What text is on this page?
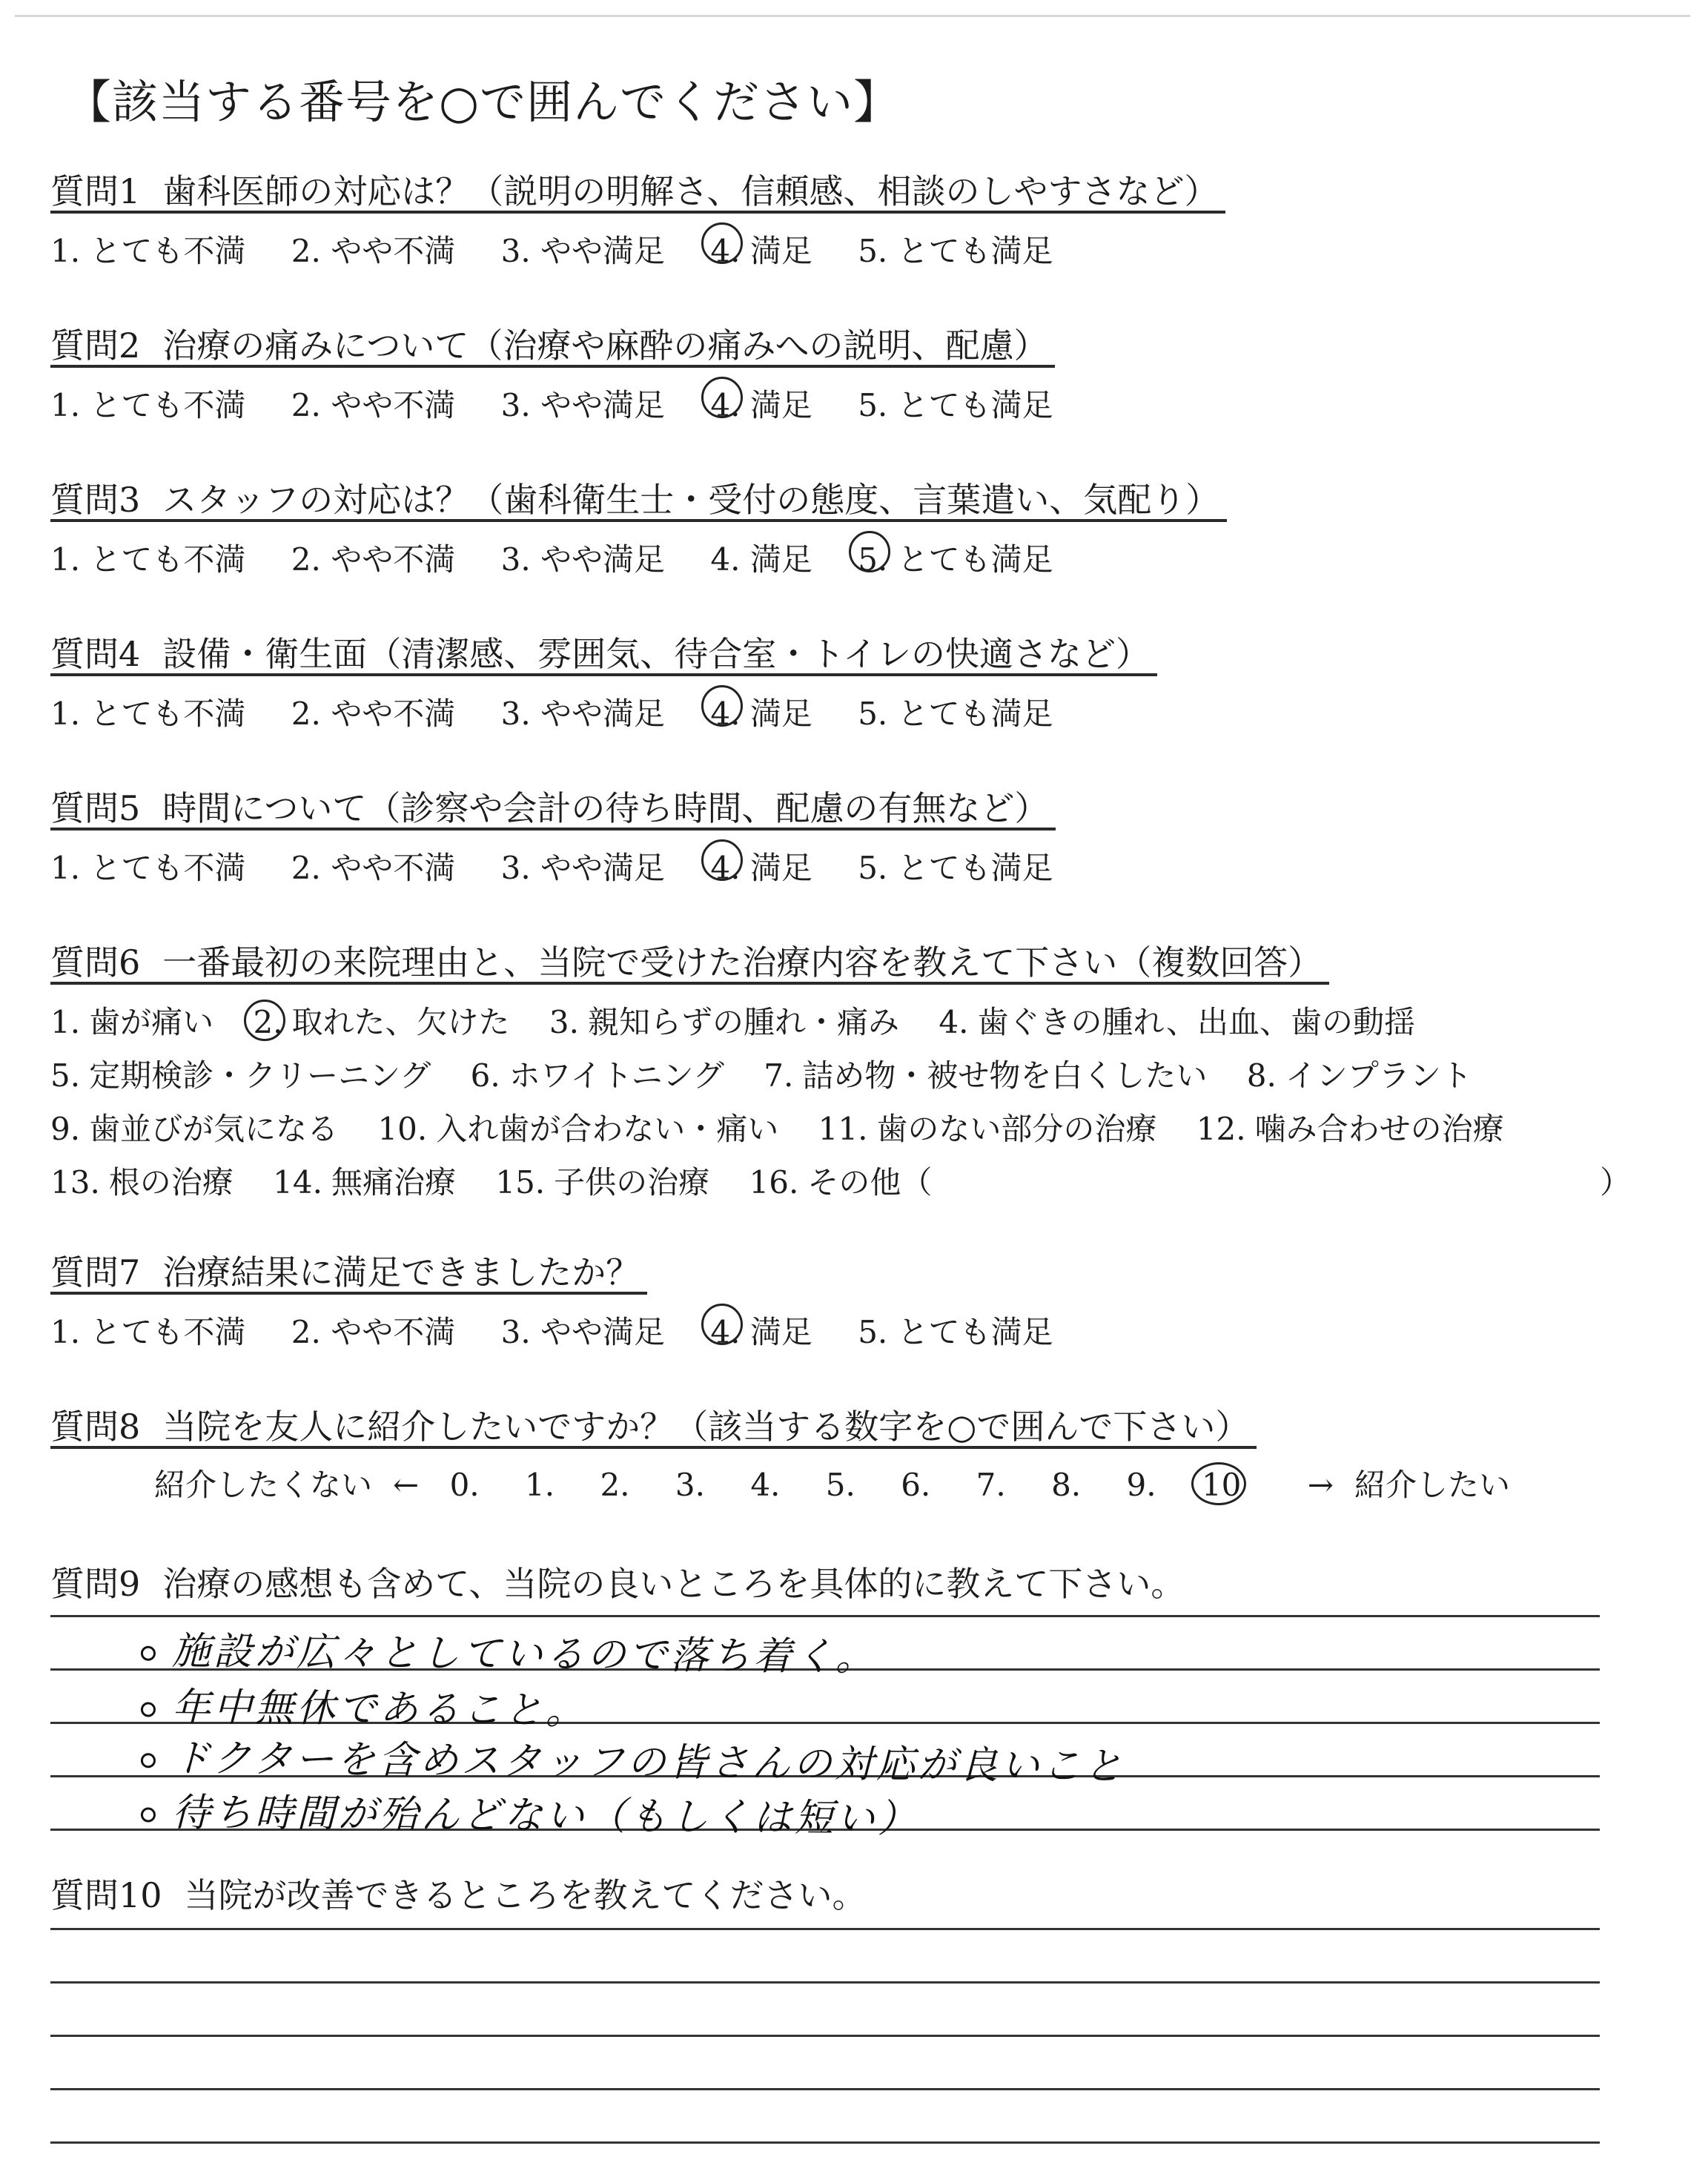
【該当する番号を○で囲んでください】
質問1 歯科医師の対応は？（説明の明解さ、信頼感、相談のしやすさなど）
1. とても不満 2. やや不満 3. やや満足 4. 満足 5. とても満足
質問2 治療の痛みについて（治療や麻酔の痛みへの説明、配慮）
1. とても不満 2. やや不満 3. やや満足 4. 満足 5. とても満足
質問3 スタッフの対応は？（歯科衛生士・受付の態度、言葉遣い、気配り）
1. とても不満 2. やや不満 3. やや満足 4. 満足 5. とても満足
質問4 設備・衛生面（清潔感、雰囲気、待合室・トイレの快適さなど）
1. とても不満 2. やや不満 3. やや満足 4. 満足 5. とても満足
質問5 時間について（診察や会計の待ち時間、配慮の有無など）
1. とても不満 2. やや不満 3. やや満足 4. 満足 5. とても満足
質問6 一番最初の来院理由と、当院で受けた治療内容を教えて下さい（複数回答）
1. 歯が痛い 2. 取れた、欠けた 3. 親知らずの腫れ・痛み 4. 歯ぐきの腫れ、出血、歯の動揺
5. 定期検診・クリーニング 6. ホワイトニング 7. 詰め物・被せ物を白くしたい 8. インプラント
9. 歯並びが気になる 10. 入れ歯が合わない・痛い 11. 歯のない部分の治療 12. 噛み合わせの治療
13. 根の治療 14. 無痛治療 15. 子供の治療 16. その他（	）
質問7 治療結果に満足できましたか？
1. とても不満 2. やや不満 3. やや満足 4. 満足 5. とても満足
質問8 当院を友人に紹介したいですか？（該当する数字を○で囲んで下さい）
紹介したくない ← 0. 1. 2. 3. 4. 5. 6. 7. 8. 9. 10 → 紹介したい
質問9 治療の感想も含めて、当院の良いところを具体的に教えて下さい。
施設が広々としているので落ち着く。
年中無休であること。
ドクターを含めスタッフの皆さんの対応が良いこと
待ち時間が殆んどない（もしくは短い）
質問10 当院が改善できるところを教えてください。
